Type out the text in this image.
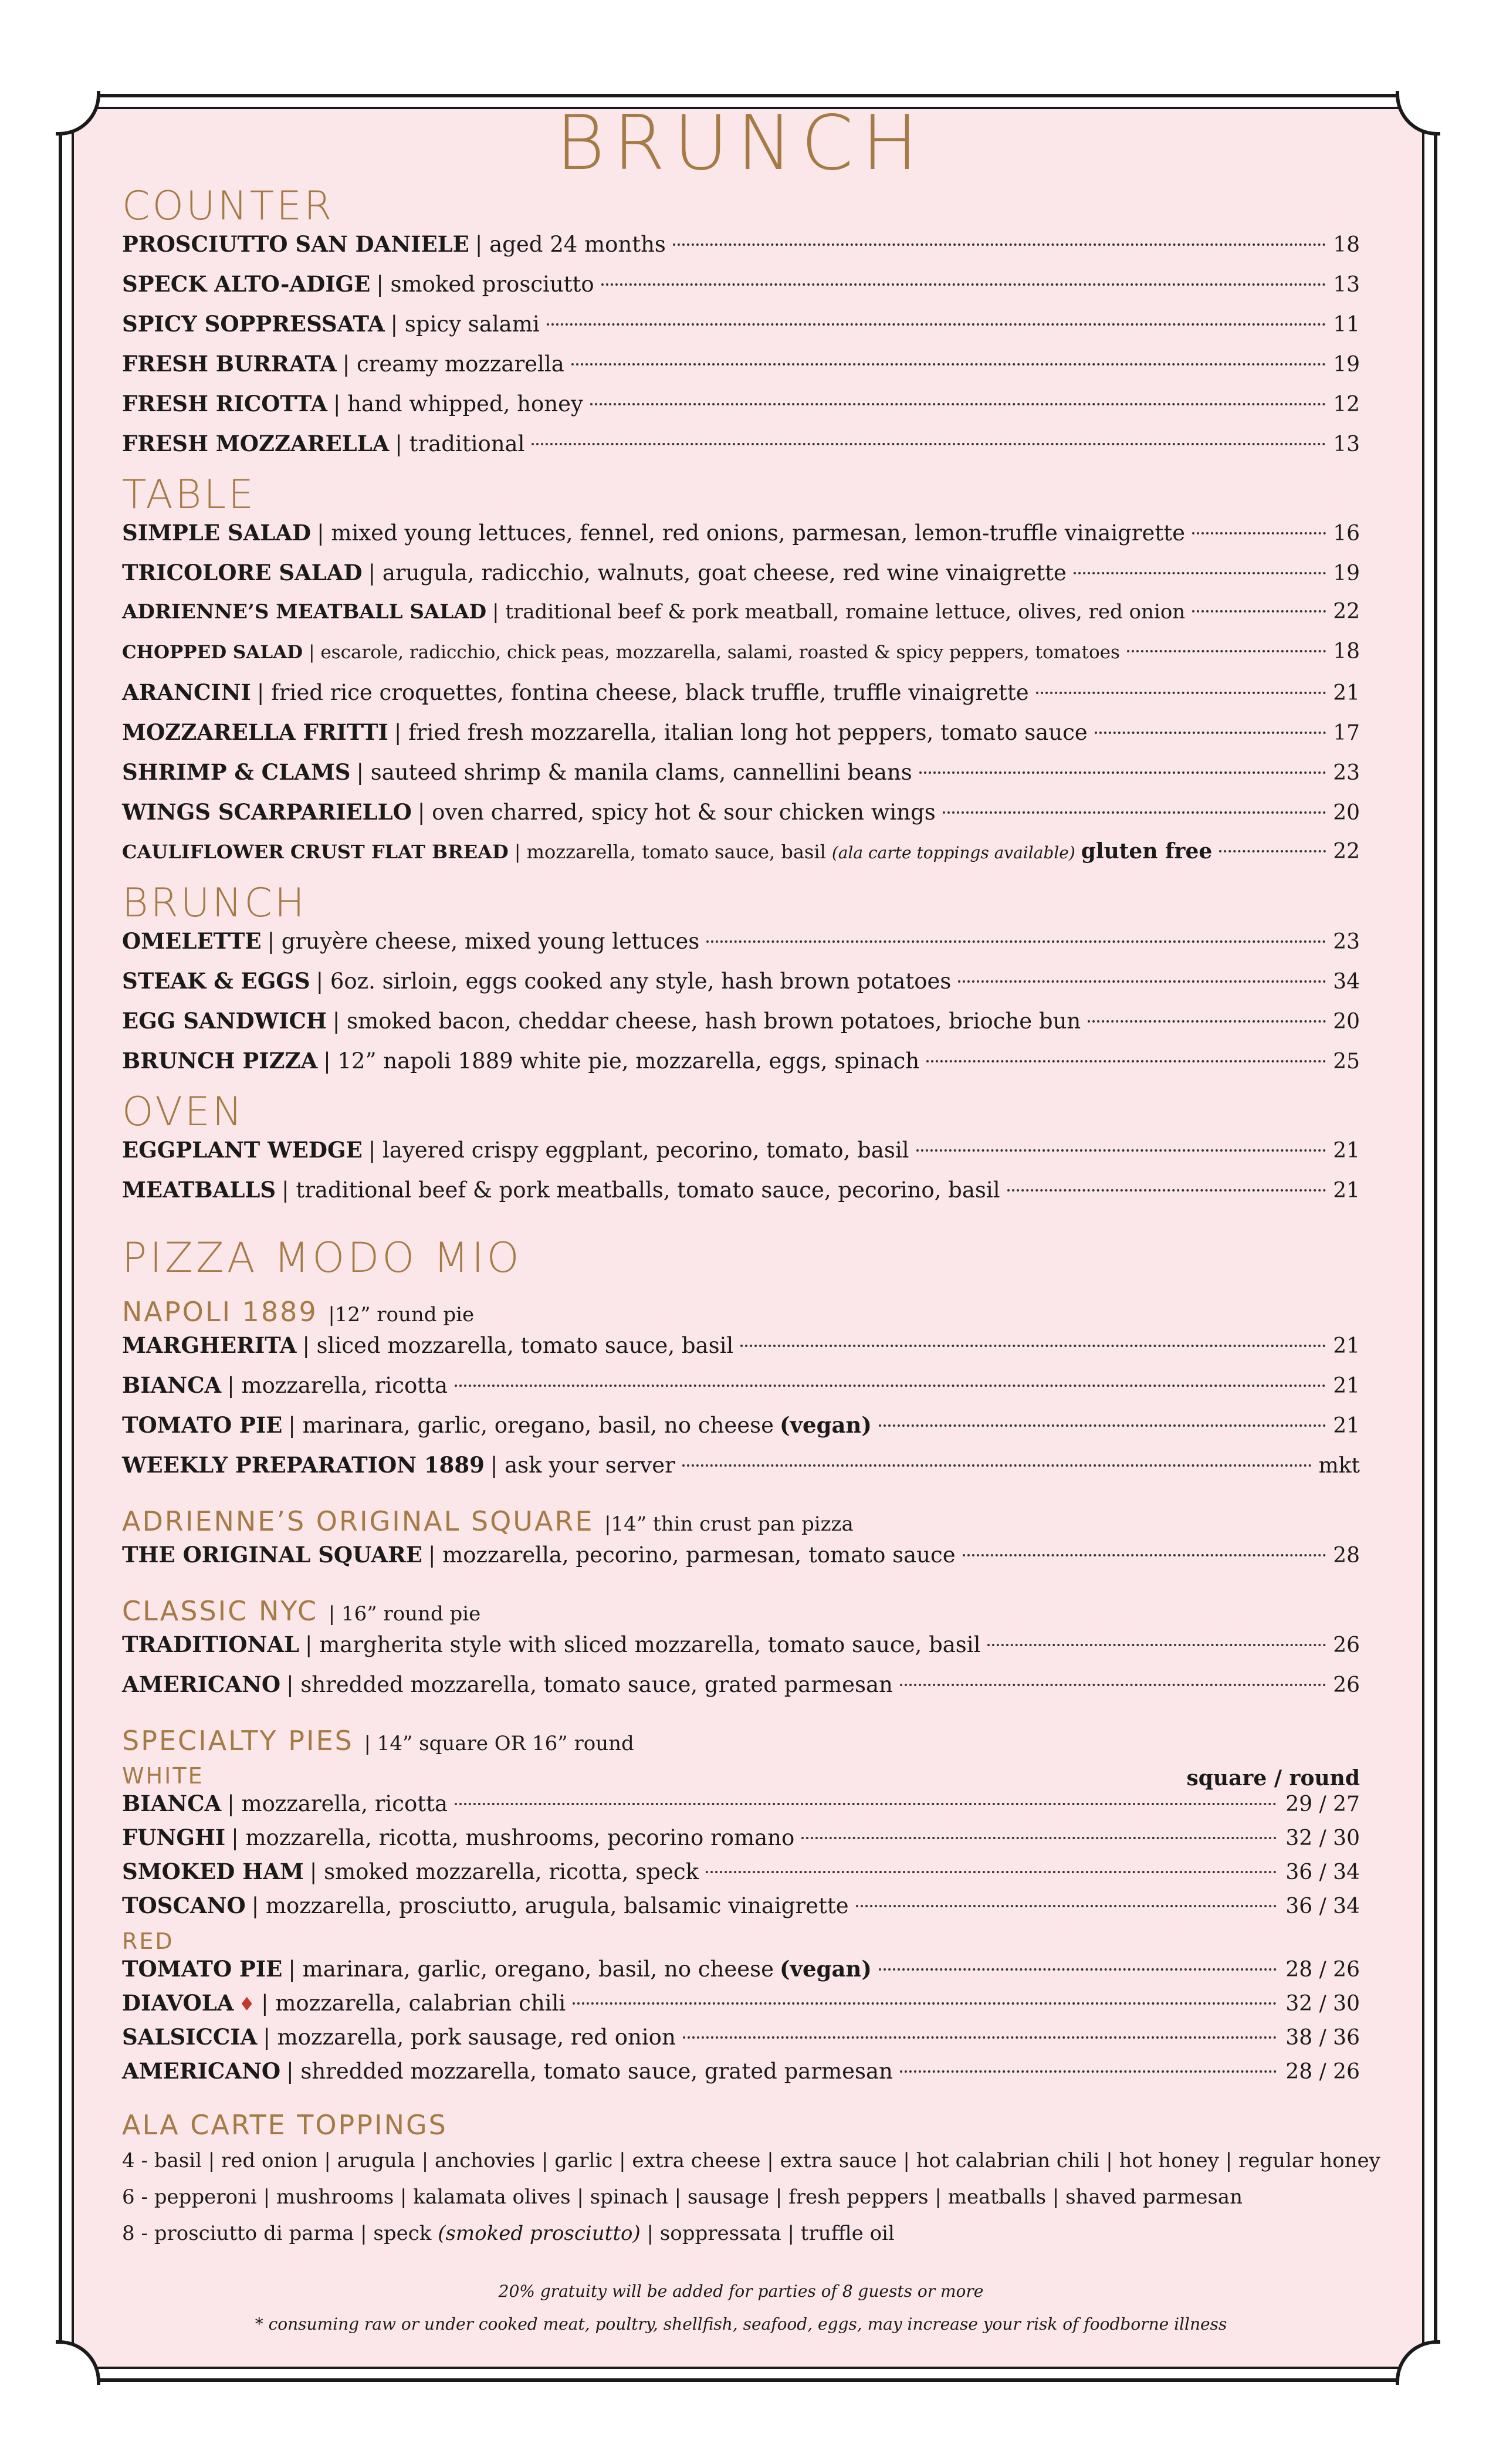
BRUNCH
COUNTER
PROSCIUTTO SAN DANIELE | aged 24 months	18
SPECK ALTO-ADIGE | smoked prosciutto	13
SPICY SOPPRESSATA | spicy salami	11
FRESH BURRATA | creamy mozzarella	19
FRESH RICOTTA | hand whipped, honey	12
FRESH MOZZARELLA | traditional	13
TABLE
SIMPLE SALAD | mixed young lettuces, fennel, red onions, parmesan, lemon-truffle vinaigrette	16
TRICOLORE SALAD | arugula, radicchio, walnuts, goat cheese, red wine vinaigrette	19
ADRIENNE’S MEATBALL SALAD | traditional beef & pork meatball, romaine lettuce, olives, red onion	22
CHOPPED SALAD | escarole, radicchio, chick peas, mozzarella, salami, roasted & spicy peppers, tomatoes	18
ARANCINI | fried rice croquettes, fontina cheese, black truffle, truffle vinaigrette	21
MOZZARELLA FRITTI | fried fresh mozzarella, italian long hot peppers, tomato sauce	17
SHRIMP & CLAMS | sauteed shrimp & manila clams, cannellini beans	23
WINGS SCARPARIELLO | oven charred, spicy hot & sour chicken wings	20
CAULIFLOWER CRUST FLAT BREAD | mozzarella, tomato sauce, basil (ala carte toppings available) gluten free	22
BRUNCH
OMELETTE | gruyère cheese, mixed young lettuces	23
STEAK & EGGS | 6oz. sirloin, eggs cooked any style, hash brown potatoes	34
EGG SANDWICH | smoked bacon, cheddar cheese, hash brown potatoes, brioche bun	20
BRUNCH PIZZA | 12” napoli 1889 white pie, mozzarella, eggs, spinach	25
OVEN
EGGPLANT WEDGE | layered crispy eggplant, pecorino, tomato, basil	21
MEATBALLS | traditional beef & pork meatballs, tomato sauce, pecorino, basil	21
PIZZA MODO MIO
NAPOLI 1889 |12” round pie
MARGHERITA | sliced mozzarella, tomato sauce, basil	21
BIANCA | mozzarella, ricotta	21
TOMATO PIE | marinara, garlic, oregano, basil, no cheese (vegan)	21
WEEKLY PREPARATION 1889 | ask your server	mkt
ADRIENNE’S ORIGINAL SQUARE |14” thin crust pan pizza
THE ORIGINAL SQUARE | mozzarella, pecorino, parmesan, tomato sauce	28
CLASSIC NYC | 16” round pie
TRADITIONAL | margherita style with sliced mozzarella, tomato sauce, basil	26
AMERICANO | shredded mozzarella, tomato sauce, grated parmesan	26
SPECIALTY PIES | 14” square OR 16” round
WHITE	square / round
BIANCA | mozzarella, ricotta	29 / 27
FUNGHI | mozzarella, ricotta, mushrooms, pecorino romano	32 / 30
SMOKED HAM | smoked mozzarella, ricotta, speck	36 / 34
TOSCANO | mozzarella, prosciutto, arugula, balsamic vinaigrette	36 / 34
RED
TOMATO PIE | marinara, garlic, oregano, basil, no cheese (vegan)	28 / 26
DIAVOLA ♦ | mozzarella, calabrian chili	32 / 30
SALSICCIA | mozzarella, pork sausage, red onion	38 / 36
AMERICANO | shredded mozzarella, tomato sauce, grated parmesan	28 / 26
ALA CARTE TOPPINGS
4 - basil | red onion | arugula | anchovies | garlic | extra cheese | extra sauce | hot calabrian chili | hot honey | regular honey
6 - pepperoni | mushrooms | kalamata olives | spinach | sausage | fresh peppers | meatballs | shaved parmesan
8 - prosciutto di parma | speck (smoked prosciutto) | soppressata | truffle oil
20% gratuity will be added for parties of 8 guests or more
* consuming raw or under cooked meat, poultry, shellfish, seafood, eggs, may increase your risk of foodborne illness
